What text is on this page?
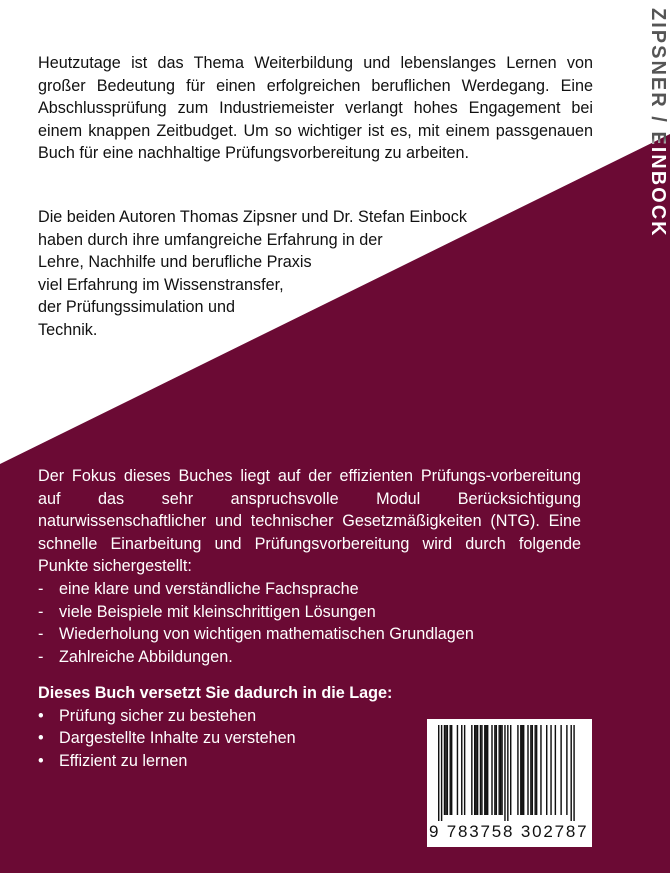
Heutzutage ist das Thema Weiterbildung und lebenslanges Lernen von großer Bedeutung für einen erfolgreichen beruflichen Werdegang. Eine Abschlussprüfung zum Industriemeister verlangt hohes Engagement bei einem knappen Zeitbudget. Um so wichtiger ist es, mit einem passgenauen Buch für eine nachhaltige Prüfungsvorbereitung zu arbeiten.

Die beiden Autoren Thomas Zipsner und Dr. Stefan Einbock
haben durch ihre umfangreiche Erfahrung in der
Lehre, Nachhilfe und berufliche Praxis
viel Erfahrung im Wissenstransfer,
der Prüfungssimulation und
Technik.

Der Fokus dieses Buches liegt auf der effizienten Prüfungs-vorbereitung auf das sehr anspruchsvolle Modul Berücksichtigung naturwissenschaftlicher und technischer Gesetzmäßigkeiten (NTG). Eine schnelle Einarbeitung und Prüfungsvorbereitung wird durch folgende Punkte sichergestellt:

- eine klare und verständliche Fachsprache
- viele Beispiele mit kleinschrittigen Lösungen
- Wiederholung von wichtigen mathematischen Grundlagen
- Zahlreiche Abbildungen.
Dieses Buch versetzt Sie dadurch in die Lage:
• Prüfung sicher zu bestehen
• Dargestellte Inhalte zu verstehen
• Effizient zu lernen
ZIPSNER / EINBOCK
9 783758 302787
